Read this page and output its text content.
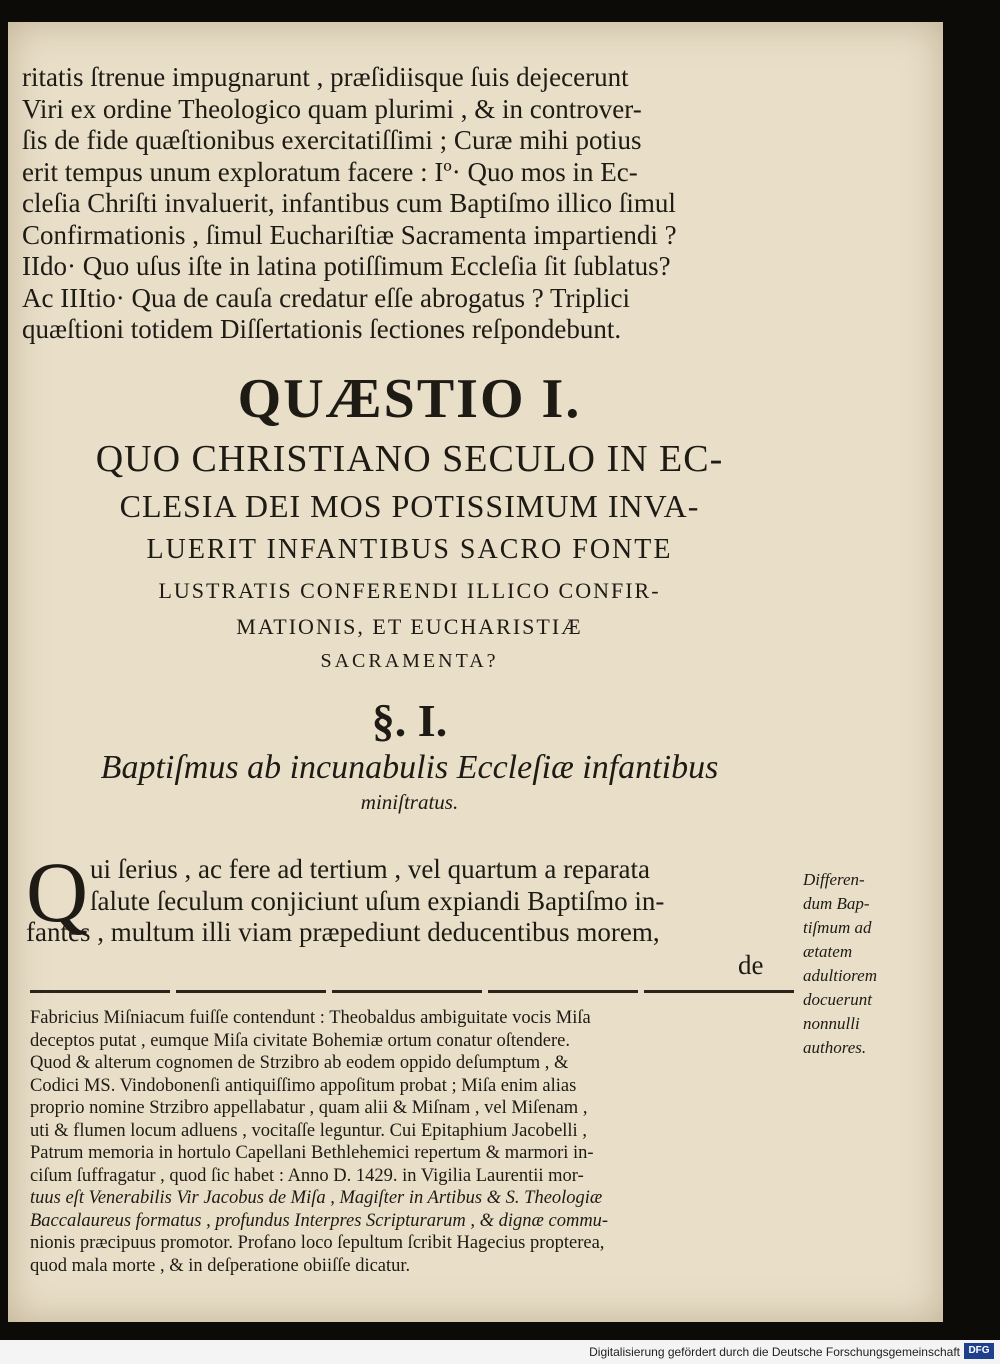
ritatis ſtrenue impugnarunt , præſidiisque ſuis dejecerunt
Viri ex ordine Theologico quam plurimi , & in controver-
ſis de fide quæſtionibus exercitatiſſimi ; Curæ mihi potius
erit tempus unum exploratum facere : Iº· Quo mos in Ec-
cleſia Chriſti invaluerit, infantibus cum Baptiſmo illico ſimul
Confirmationis , ſimul Euchariſtiæ Sacramenta impartiendi ?
IIdo· Quo uſus iſte in latina potiſſimum Eccleſia ſit ſublatus?
Ac IIItio· Qua de cauſa credatur eſſe abrogatus ? Triplici
quæſtioni totidem Diſſertationis ſectiones reſpondebunt.
QUÆSTIO I.
QUO CHRISTIANO SECULO IN EC-
CLESIA DEI MOS POTISSIMUM INVA-
LUERIT INFANTIBUS SACRO FONTE
LUSTRATIS CONFERENDI ILLICO CONFIR-
MATIONIS, ET EUCHARISTIÆ
SACRAMENTA?
§. I.
Baptiſmus ab incunabulis Eccleſiæ infantibus
miniſtratus.
Q ui ſerius , ac fere ad tertium , vel quartum a reparata
ſalute ſeculum conjiciunt uſum expiandi Baptiſmo in-
fantes , multum illi viam præpediunt deducentibus morem,
de
Differen-
dum Bap-
tiſmum ad
ætatem
adultiorem
docuerunt
nonnulli
authores.
Fabricius Miſniacum fuiſſe contendunt : Theobaldus ambiguitate vocis Miſa
deceptos putat , eumque Miſa civitate Bohemiæ ortum conatur oſtendere.
Quod & alterum cognomen de Strzibro ab eodem oppido deſumptum , &
Codici MS. Vindobonenſi antiquiſſimo appoſitum probat ; Miſa enim alias
proprio nomine Strzibro appellabatur , quam alii & Miſnam , vel Miſenam ,
uti & flumen locum adluens , vocitaſſe leguntur. Cui Epitaphium Jacobelli ,
Patrum memoria in hortulo Capellani Bethlehemici repertum & marmori in-
ciſum ſuffragatur , quod ſic habet : Anno D. 1429. in Vigilia Laurentii mor-
tuus eſt Venerabilis Vir Jacobus de Miſa , Magiſter in Artibus & S. Theologiæ
Baccalaureus formatus , profundus Interpres Scripturarum , & dignæ commu-
nionis præcipuus promotor. Profano loco ſepultum ſcribit Hagecius propterea,
quod mala morte , & in deſperatione obiiſſe dicatur.
Digitalisierung gefördert durch die Deutsche Forschungsgemeinschaft DFG
